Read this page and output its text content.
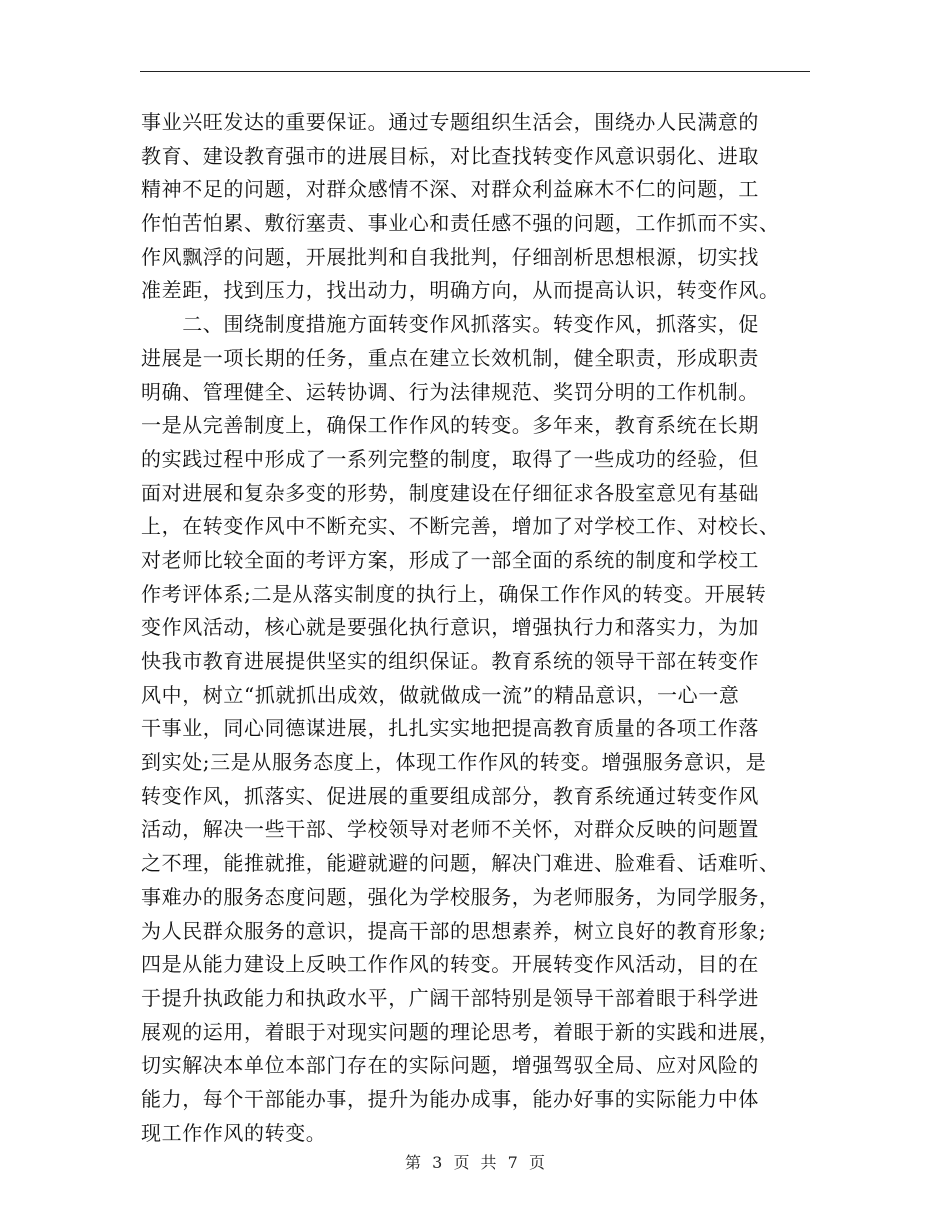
事业兴旺发达的重要保证。通过专题组织生活会，围绕办人民满意的
教育、建设教育强市的进展目标，对比查找转变作风意识弱化、进取
精神不足的问题，对群众感情不深、对群众利益麻木不仁的问题，工
作怕苦怕累、敷衍塞责、事业心和责任感不强的问题，工作抓而不实、
作风飘浮的问题，开展批判和自我批判，仔细剖析思想根源，切实找
准差距，找到压力，找出动力，明确方向，从而提高认识，转变作风。
　　二、围绕制度措施方面转变作风抓落实。转变作风，抓落实，促
进展是一项长期的任务，重点在建立长效机制，健全职责，形成职责
明确、管理健全、运转协调、行为法律规范、奖罚分明的工作机制。
一是从完善制度上，确保工作作风的转变。多年来，教育系统在长期
的实践过程中形成了一系列完整的制度，取得了一些成功的经验，但
面对进展和复杂多变的形势，制度建设在仔细征求各股室意见有基础
上，在转变作风中不断充实、不断完善，增加了对学校工作、对校长、
对老师比较全面的考评方案，形成了一部全面的系统的制度和学校工
作考评体系;二是从落实制度的执行上，确保工作作风的转变。开展转
变作风活动，核心就是要强化执行意识，增强执行力和落实力，为加
快我市教育进展提供坚实的组织保证。教育系统的领导干部在转变作
风中，树立“抓就抓出成效，做就做成一流”的精品意识，一心一意
干事业，同心同德谋进展，扎扎实实地把提高教育质量的各项工作落
到实处;三是从服务态度上，体现工作作风的转变。增强服务意识，是
转变作风，抓落实、促进展的重要组成部分，教育系统通过转变作风
活动，解决一些干部、学校领导对老师不关怀，对群众反映的问题置
之不理，能推就推，能避就避的问题，解决门难进、脸难看、话难听、
事难办的服务态度问题，强化为学校服务，为老师服务，为同学服务，
为人民群众服务的意识，提高干部的思想素养，树立良好的教育形象;
四是从能力建设上反映工作作风的转变。开展转变作风活动，目的在
于提升执政能力和执政水平，广阔干部特别是领导干部着眼于科学进
展观的运用，着眼于对现实问题的理论思考，着眼于新的实践和进展，
切实解决本单位本部门存在的实际问题，增强驾驭全局、应对风险的
能力，每个干部能办事，提升为能办成事，能办好事的实际能力中体
现工作作风的转变。
第 3 页 共 7 页
